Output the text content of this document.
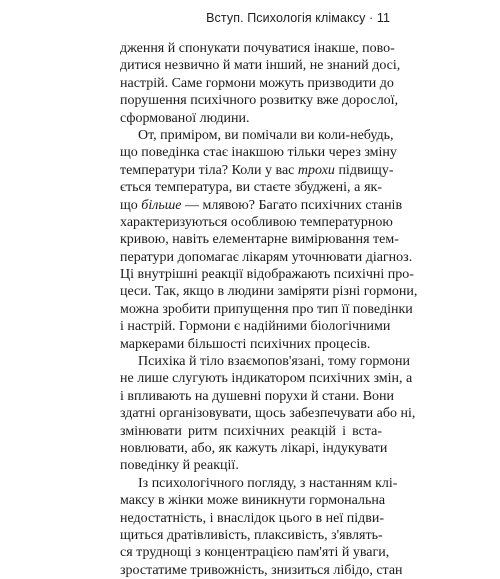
Вступ. Психологія клімаксу · 11
дження й спонукати почуватися інакше, пово-
дитися незвично й мати інший, не знаний досі,
настрій. Саме гормони можуть призводити до
порушення психічного розвитку вже дорослої,
сформованої людини.
От, приміром, ви помічали ви коли-небудь,
що поведінка стає інакшою тільки через зміну
температури тіла? Коли у вас трохи підвищу-
ється температура, ви стаєте збуджені, а як-
що більше — млявою? Багато психічних станів
характеризуються особливою температурною
кривою, навіть елементарне вимірювання тем-
ператури допомагає лікарям уточнювати діагноз.
Ці внутрішні реакції відображають психічні про-
цеси. Так, якщо в людини заміряти різні гормони,
можна зробити припущення про тип її поведінки
і настрій. Гормони є надійними біологічними
маркерами більшості психічних процесів.
Психіка й тіло взаємопов'язані, тому гормони
не лише слугують індикатором психічних змін, а
і впливають на душевні порухи й стани. Вони
здатні організовувати, щось забезпечувати або ні,
змінювати ритм психічних реакцій і вста-
новлювати, або, як кажуть лікарі, індукувати
поведінку й реакції.
Із психологічного погляду, з настанням клі-
максу в жінки може виникнути гормональна
недостатність, і внаслідок цього в неї підви-
щиться дратівливість, плаксивість, з'являть-
ся труднощі з концентрацією пам'яті й уваги,
зростатиме тривожність, знизиться лібідо, стан
